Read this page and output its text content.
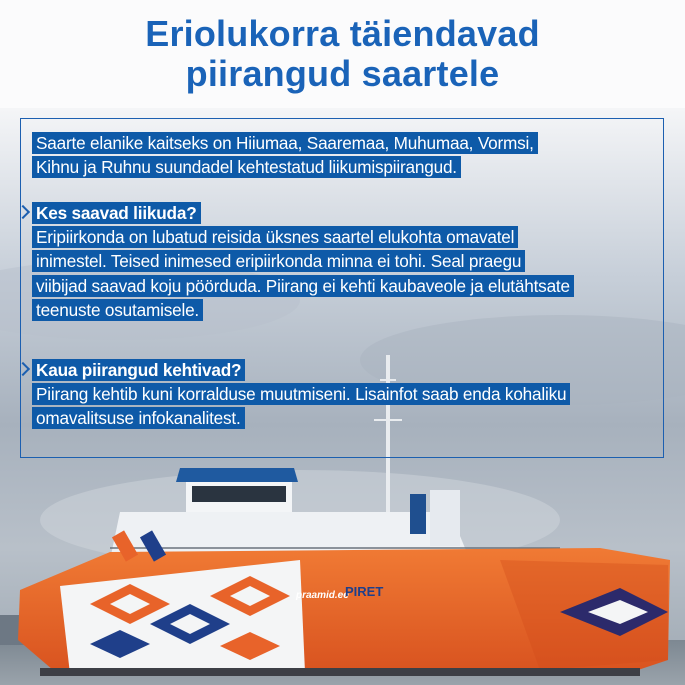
Eriolukorra täiendavad
piirangud saartele
Saarte elanike kaitseks on Hiiumaa, Saaremaa, Muhumaa, Vormsi,
Kihnu ja Ruhnu suundadel kehtestatud liikumispiirangud.
Kes saavad liikuda?
Eripiirkonda on lubatud reisida üksnes saartel elukohta omavatel
inimestel. Teised inimesed eripiirkonda minna ei tohi. Seal praegu
viibijad saavad koju pöörduda. Piirang ei kehti kaubaveole ja elutähtsate
teenuste osutamisele.
Kaua piirangud kehtivad?
Piirang kehtib kuni korralduse muutmiseni. Lisainfot saab enda kohaliku
omavalitsuse infokanalitest.
praamid.ee
PIRET
